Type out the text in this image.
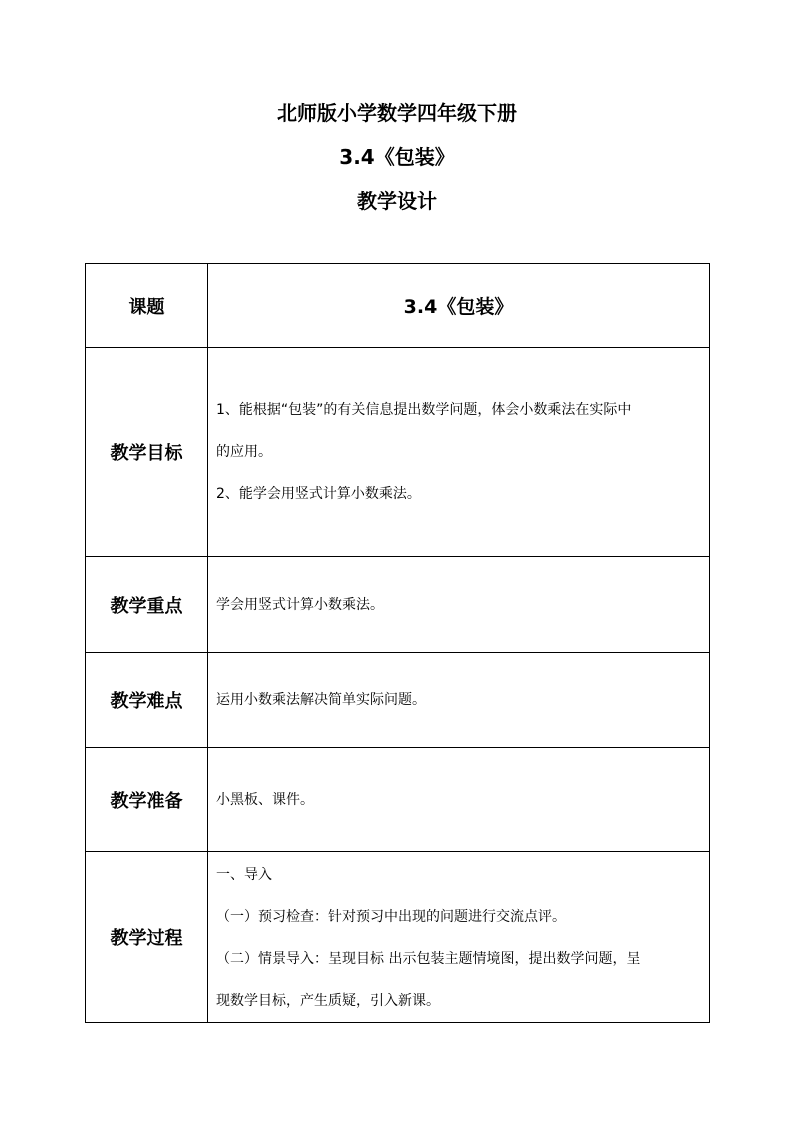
北师版小学数学四年级下册
3.4《包装》
教学设计
课题	3.4《包装》
教学目标	1、能根据“包装”的有关信息提出数学问题，体会小数乘法在实际中
的应用。
2、能学会用竖式计算小数乘法。

教学重点	学会用竖式计算小数乘法。
教学难点	运用小数乘法解决简单实际问题。
教学准备	小黑板、课件。
教学过程	一、导入
（一）预习检查：针对预习中出现的问题进行交流点评。
（二）情景导入：呈现目标 出示包装主题情境图，提出数学问题，呈
现数学目标，产生质疑，引入新课。
